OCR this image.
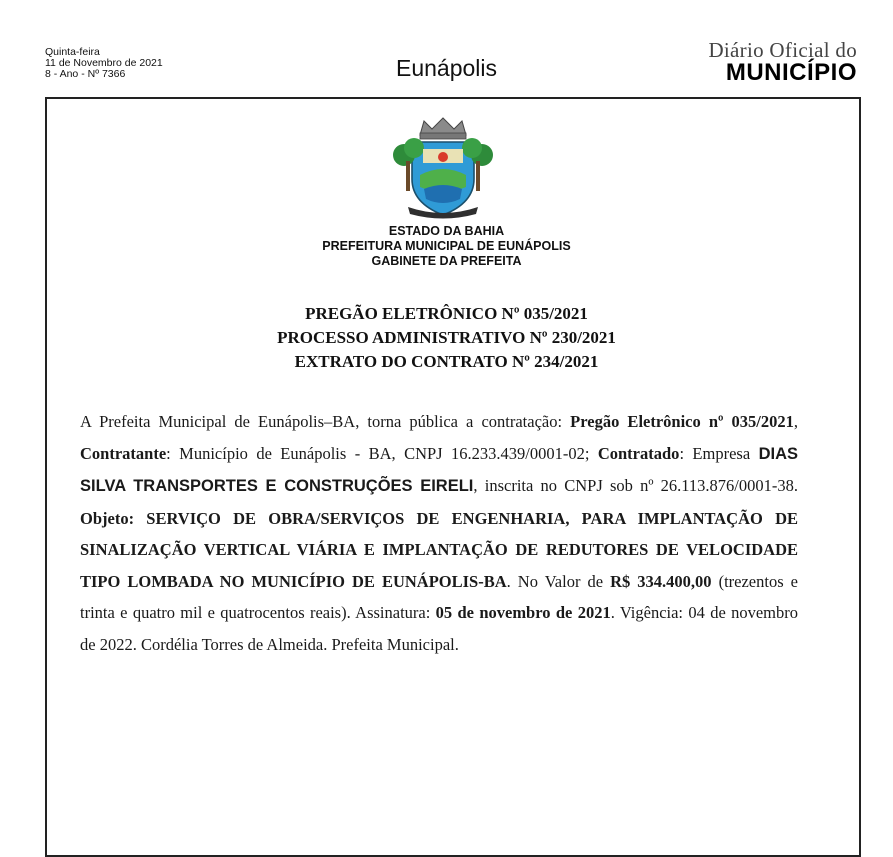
Quinta-feira
11 de Novembro de 2021
8 - Ano - Nº 7366	Eunápolis
Diário Oficial do
MUNICÍPIO
ESTADO DA BAHIA
PREFEITURA MUNICIPAL DE EUNÁPOLIS
GABINETE DA PREFEITA
PREGÃO ELETRÔNICO Nº 035/2021
PROCESSO ADMINISTRATIVO Nº 230/2021
EXTRATO DO CONTRATO Nº 234/2021
A Prefeita Municipal de Eunápolis–BA, torna pública a contratação: Pregão Eletrônico nº 035/2021, Contratante: Município de Eunápolis - BA, CNPJ 16.233.439/0001-02; Contratado: Empresa DIAS SILVA TRANSPORTES E CONSTRUÇÕES EIRELI, inscrita no CNPJ sob nº 26.113.876/0001-38. Objeto: SERVIÇO DE OBRA/SERVIÇOS DE ENGENHARIA, PARA IMPLANTAÇÃO DE SINALIZAÇÃO VERTICAL VIÁRIA E IMPLANTAÇÃO DE REDUTORES DE VELOCIDADE TIPO LOMBADA NO MUNICÍPIO DE EUNÁPOLIS-BA. No Valor de R$ 334.400,00 (trezentos e trinta e quatro mil e quatrocentos reais). Assinatura: 05 de novembro de 2021. Vigência: 04 de novembro de 2022. Cordélia Torres de Almeida. Prefeita Municipal.
